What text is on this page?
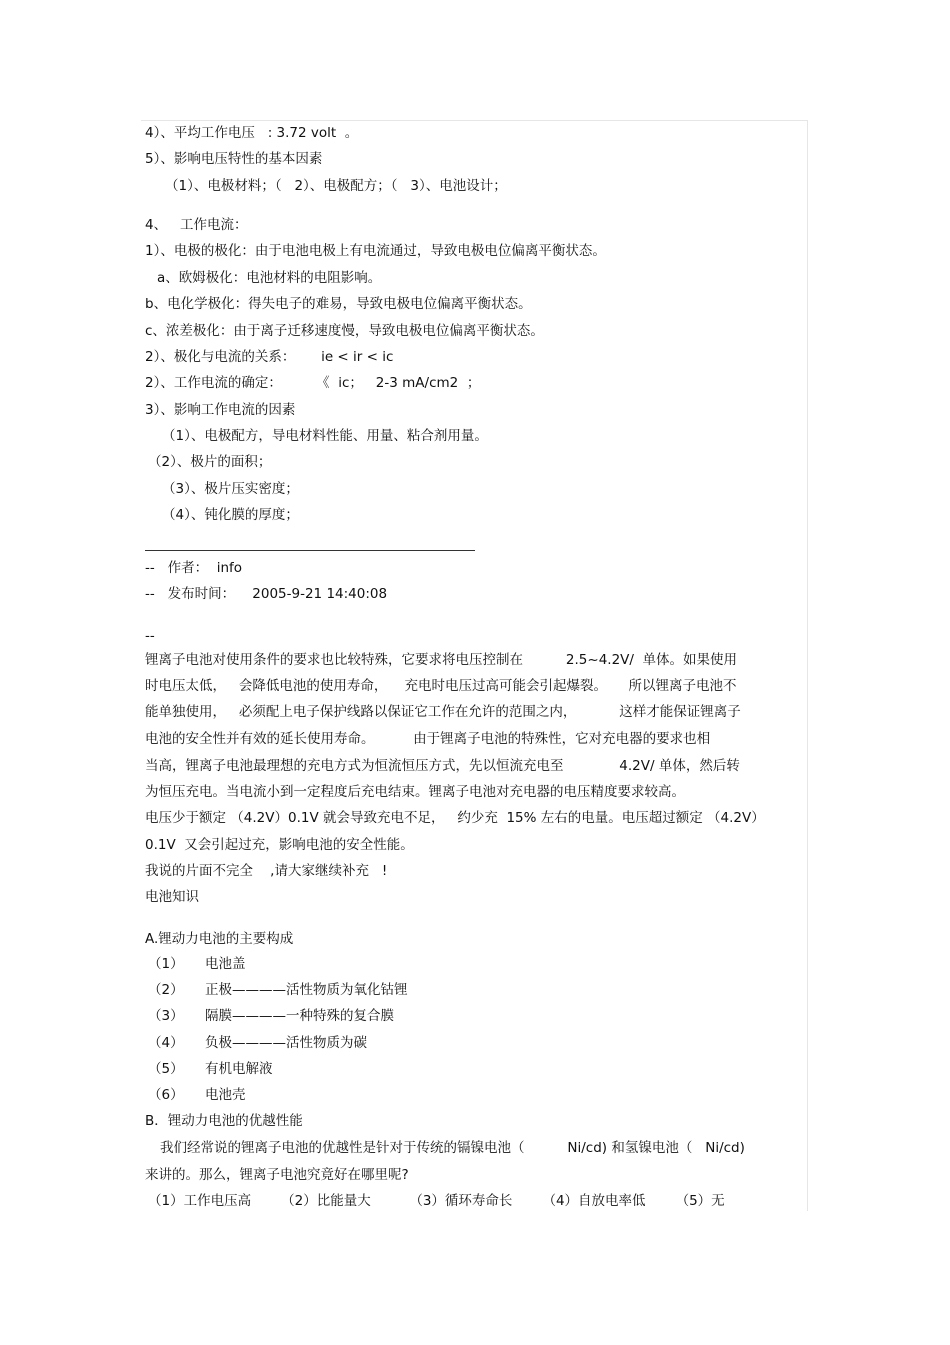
4）、平均工作电压   : 3.72 volt  。
5）、影响电压特性的基本因素
（1）、电极材料；（   2）、电极配方；（   3）、电池设计；
4、   工作电流：
1）、电极的极化：由于电池电极上有电流通过，导致电极电位偏离平衡状态。
a、欧姆极化：电池材料的电阻影响。
b、电化学极化：得失电子的难易，导致电极电位偏离平衡状态。
c、浓差极化：由于离子迁移速度慢，导致电极电位偏离平衡状态。
2）、极化与电流的关系：      ie < ir < ic
2）、工作电流的确定：        《  ic；   2-3 mA/cm2  ；
3）、影响工作电流的因素
（1）、电极配方，导电材料性能、用量、粘合剂用量。
（2）、极片的面积；
（3）、极片压实密度；
（4）、钝化膜的厚度；
--   作者：  info
--   发布时间：    2005-9-21 14:40:08
--
锂离子电池对使用条件的要求也比较特殊，它要求将电压控制在          2.5~4.2V/  单体。如果使用
时电压太低，   会降低电池的使用寿命，    充电时电压过高可能会引起爆裂。     所以锂离子电池不
能单独使用，   必须配上电子保护线路以保证它工作在允许的范围之内，          这样才能保证锂离子
电池的安全性并有效的延长使用寿命。         由于锂离子电池的特殊性，它对充电器的要求也相
当高，锂离子电池最理想的充电方式为恒流恒压方式，先以恒流充电至             4.2V/ 单体，然后转
为恒压充电。当电流小到一定程度后充电结束。锂离子电池对充电器的电压精度要求较高。
电压少于额定 （4.2V）0.1V 就会导致充电不足，   约少充  15% 左右的电量。电压超过额定 （4.2V）
0.1V  又会引起过充，影响电池的安全性能。
我说的片面不完全    ,请大家继续补充   !
电池知识
A.锂动力电池的主要构成
（1）     电池盖
（2）     正极————活性物质为氧化钴锂
（3）     隔膜————一种特殊的复合膜
（4）     负极————活性物质为碳
（5）     有机电解液
（6）     电池壳
B．锂动力电池的优越性能
我们经常说的锂离子电池的优越性是针对于传统的镉镍电池（          Ni/cd) 和氢镍电池（   Ni/cd)
来讲的。那么，锂离子电池究竟好在哪里呢?
（1）工作电压高       （2）比能量大         （3）循环寿命长       （4）自放电率低       （5）无
